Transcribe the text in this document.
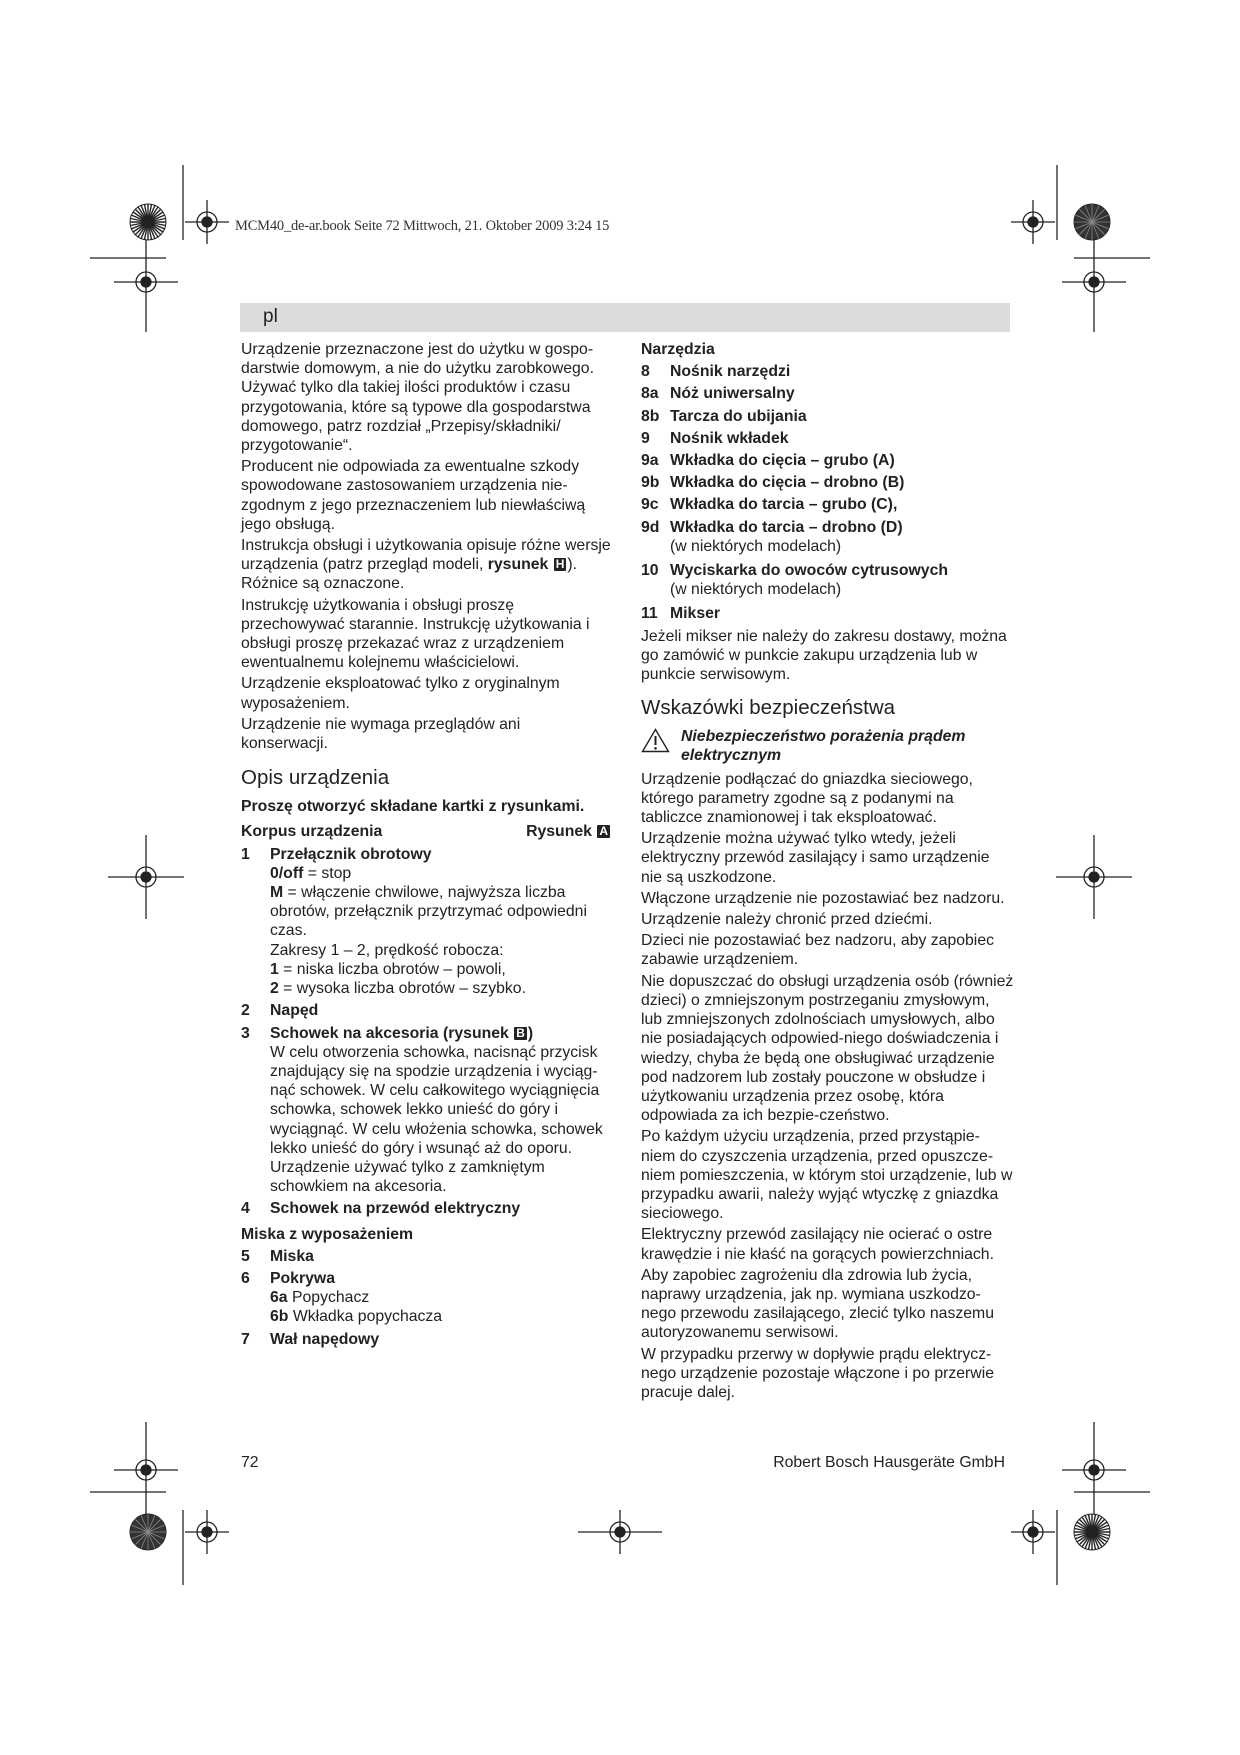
MCM40_de-ar.book Seite 72 Mittwoch, 21. Oktober 2009 3:24 15
pl

Urządzenie przeznaczone jest do użytku w gospo-darstwie domowym, a nie do użytku zarobkowego. Używać tylko dla takiej ilości produktów i czasu przygotowania, które są typowe dla gospodarstwa domowego, patrz rozdział „Przepisy/składniki/ przygotowanie“.

Producent nie odpowiada za ewentualne szkody spowodowane zastosowaniem urządzenia nie-zgodnym z jego przeznaczeniem lub niewłaściwą jego obsługą.

Instrukcja obsługi i użytkowania opisuje różne wersje urządzenia (patrz przegląd modeli, rysunek H ). Różnice są oznaczone.

Instrukcję użytkowania i obsługi proszę przechowywać starannie. Instrukcję użytkowania i obsługi proszę przekazać wraz z urządzeniem ewentualnemu kolejnemu właścicielowi.

Urządzenie eksploatować tylko z oryginalnym wyposażeniem.

Urządzenie nie wymaga przeglądów ani konserwacji.

Opis urządzenia
Proszę otworzyć składane kartki z rysunkami.
Korpus urządzenia	Rysunek A
1	Przełącznik obrotowy
0/off = stop
M = włączenie chwilowe, najwyższa liczba obrotów, przełącznik przytrzymać odpowiedni czas.
Zakresy 1 – 2, prędkość robocza:
1 = niska liczba obrotów – powoli,
2 = wysoka liczba obrotów – szybko.
2	Napęd
3	Schowek na akcesoria (rysunek B )
W celu otworzenia schowka, nacisnąć przycisk znajdujący się na spodzie urządzenia i wyciąg-nąć schowek. W celu całkowitego wyciągnięcia schowka, schowek lekko unieść do góry i wyciągnąć. W celu włożenia schowka, schowek lekko unieść do góry i wsunąć aż do oporu.
Urządzenie używać tylko z zamkniętym schowkiem na akcesoria.
4	Schowek na przewód elektryczny
Miska z wyposażeniem
5	Miska
6	Pokrywa
6a Popychacz
6b Wkładka popychacza
7	Wał napędowy
Narzędzia
8	Nośnik narzędzi
8a Nóż uniwersalny
8b Tarcza do ubijania
9	Nośnik wkładek
9a Wkładka do cięcia – grubo (A)
9b Wkładka do cięcia – drobno (B)
9c Wkładka do tarcia – grubo (C),
9d Wkładka do tarcia – drobno (D)
(w niektórych modelach)
10 Wyciskarka do owoców cytrusowych
(w niektórych modelach)
11 Mikser

Jeżeli mikser nie należy do zakresu dostawy, można go zamówić w punkcie zakupu urządzenia lub w punkcie serwisowym.

Wskazówki bezpieczeństwa
Niebezpieczeństwo porażenia prądem elektrycznym

Urządzenie podłączać do gniazdka sieciowego, którego parametry zgodne są z podanymi na tabliczce znamionowej i tak eksploatować.

Urządzenie można używać tylko wtedy, jeżeli elektryczny przewód zasilający i samo urządzenie nie są uszkodzone.

Włączone urządzenie nie pozostawiać bez nadzoru.

Urządzenie należy chronić przed dziećmi.

Dzieci nie pozostawiać bez nadzoru, aby zapobiec zabawie urządzeniem.

Nie dopuszczać do obsługi urządzenia osób (również dzieci) o zmniejszonym postrzeganiu zmysłowym, lub zmniejszonych zdolnościach umysłowych, albo nie posiadających odpowied-niego doświadczenia i wiedzy, chyba że będą one obsługiwać urządzenie pod nadzorem lub zostały pouczone w obsłudze i użytkowaniu urządzenia przez osobę, która odpowiada za ich bezpie-czeństwo.

Po każdym użyciu urządzenia, przed przystąpie-niem do czyszczenia urządzenia, przed opuszcze-niem pomieszczenia, w którym stoi urządzenie, lub w przypadku awarii, należy wyjąć wtyczkę z gniazdka sieciowego.

Elektryczny przewód zasilający nie ocierać o ostre krawędzie i nie kłaść na gorących powierzchniach.

Aby zapobiec zagrożeniu dla zdrowia lub życia, naprawy urządzenia, jak np. wymiana uszkodzo-nego przewodu zasilającego, zlecić tylko naszemu autoryzowanemu serwisowi.

W przypadku przerwy w dopływie prądu elektrycz-nego urządzenie pozostaje włączone i po przerwie pracuje dalej.

72	Robert Bosch Hausgeräte GmbH
